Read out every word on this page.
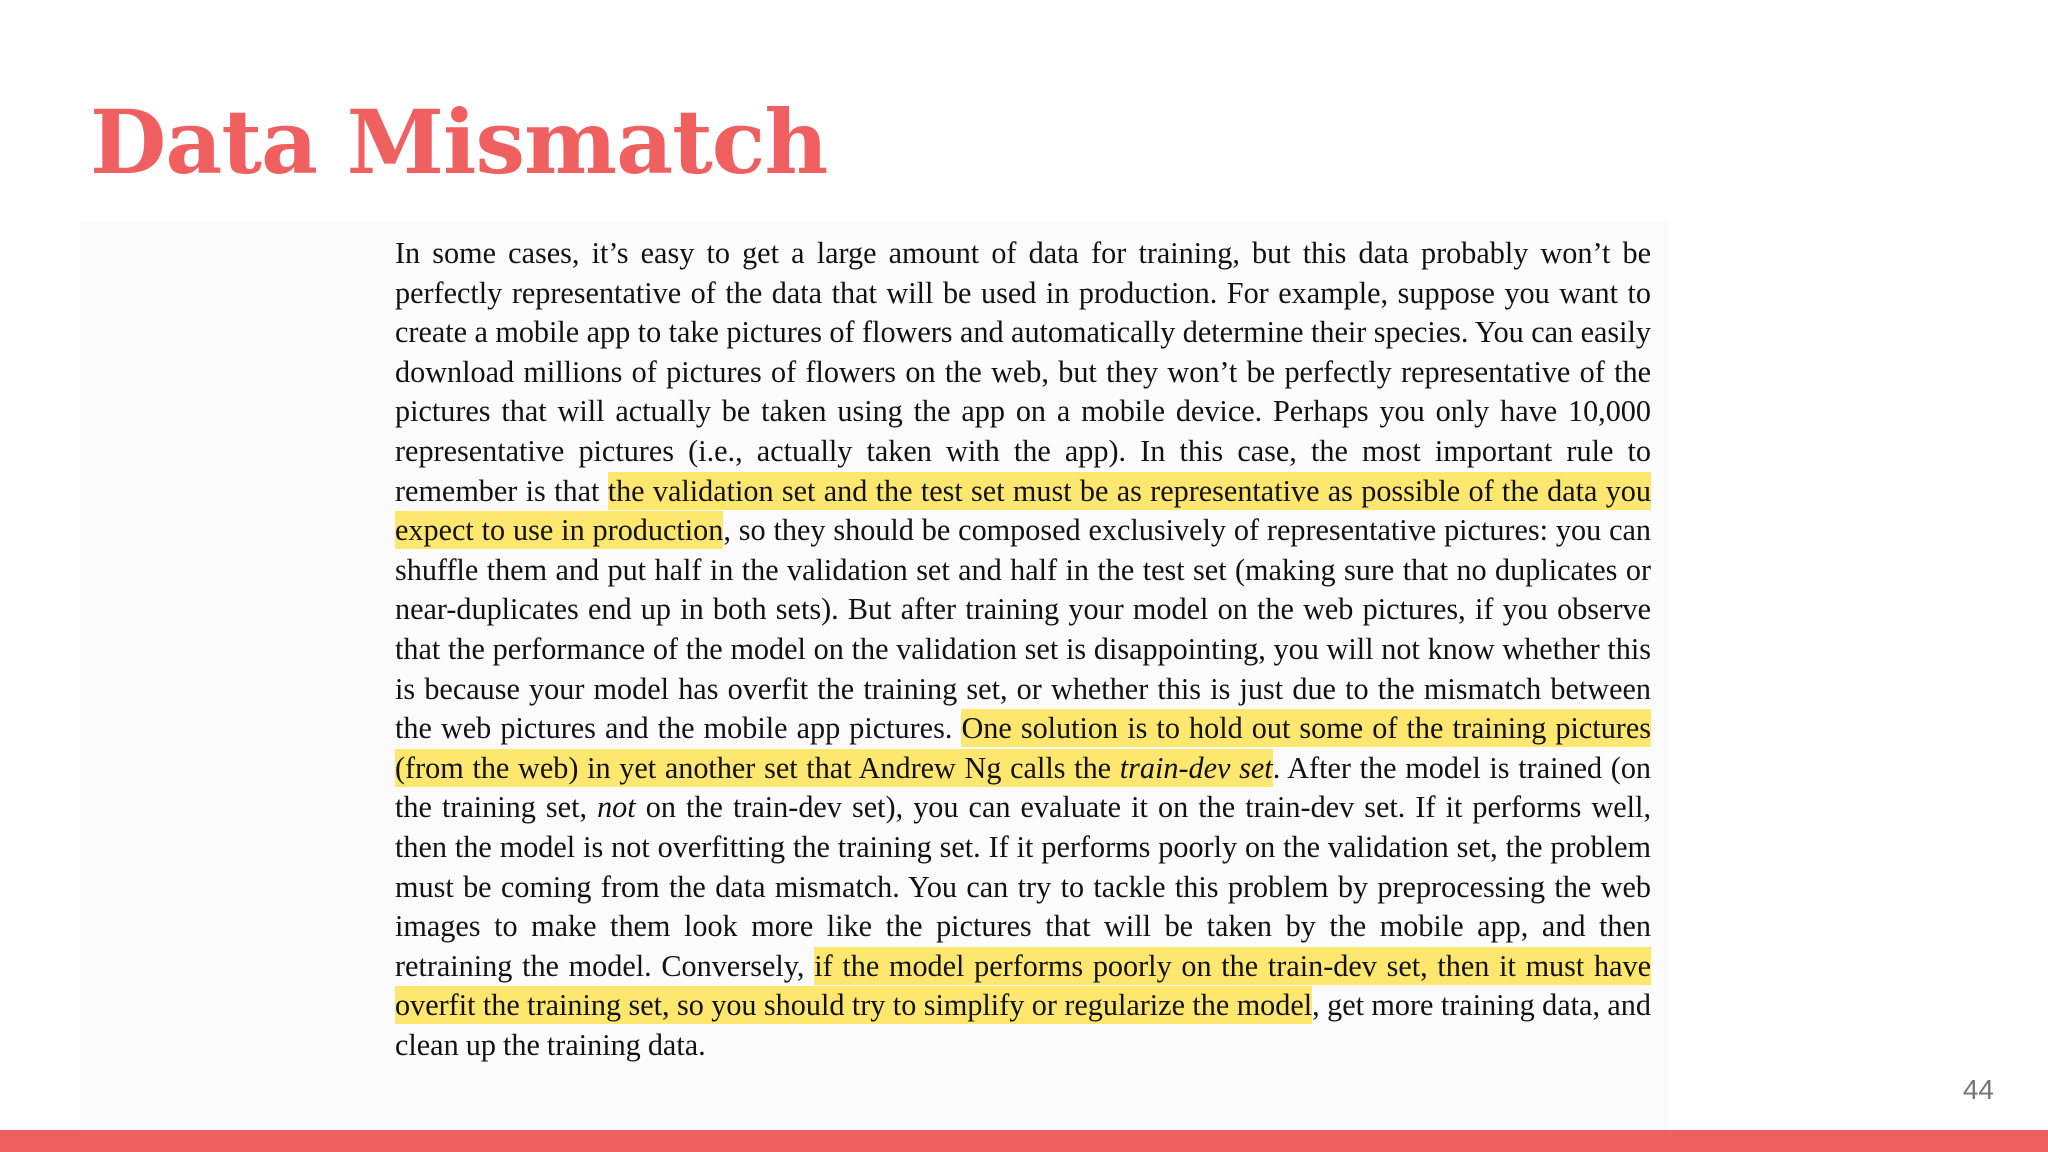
Data Mismatch

In some cases, it’s easy to get a large amount of data for training, but this data probably won’t be perfectly representative of the data that will be used in production. For example, suppose you want to create a mobile app to take pictures of flowers and automatically determine their species. You can easily download millions of pictures of flowers on the web, but they won’t be perfectly representative of the pictures that will actually be taken using the app on a mobile device. Perhaps you only have 10,000 representative pictures (i.e., actually taken with the app). In this case, the most important rule to remember is that the validation set and the test set must be as representative as possible of the data you expect to use in production, so they should be composed exclusively of representative pictures: you can shuffle them and put half in the validation set and half in the test set (making sure that no duplicates or near-duplicates end up in both sets). But after training your model on the web pictures, if you observe that the performance of the model on the validation set is disappointing, you will not know whether this is because your model has overfit the training set, or whether this is just due to the mismatch between the web pictures and the mobile app pictures. One solution is to hold out some of the training pictures (from the web) in yet another set that Andrew Ng calls the train-dev set. After the model is trained (on the training set, not on the train-dev set), you can evaluate it on the train-dev set. If it performs well, then the model is not overfitting the training set. If it performs poorly on the validation set, the problem must be coming from the data mismatch. You can try to tackle this problem by preprocessing the web images to make them look more like the pictures that will be taken by the mobile app, and then retraining the model. Conversely, if the model performs poorly on the train-dev set, then it must have overfit the training set, so you should try to simplify or regularize the model, get more training data, and clean up the training data.

44
